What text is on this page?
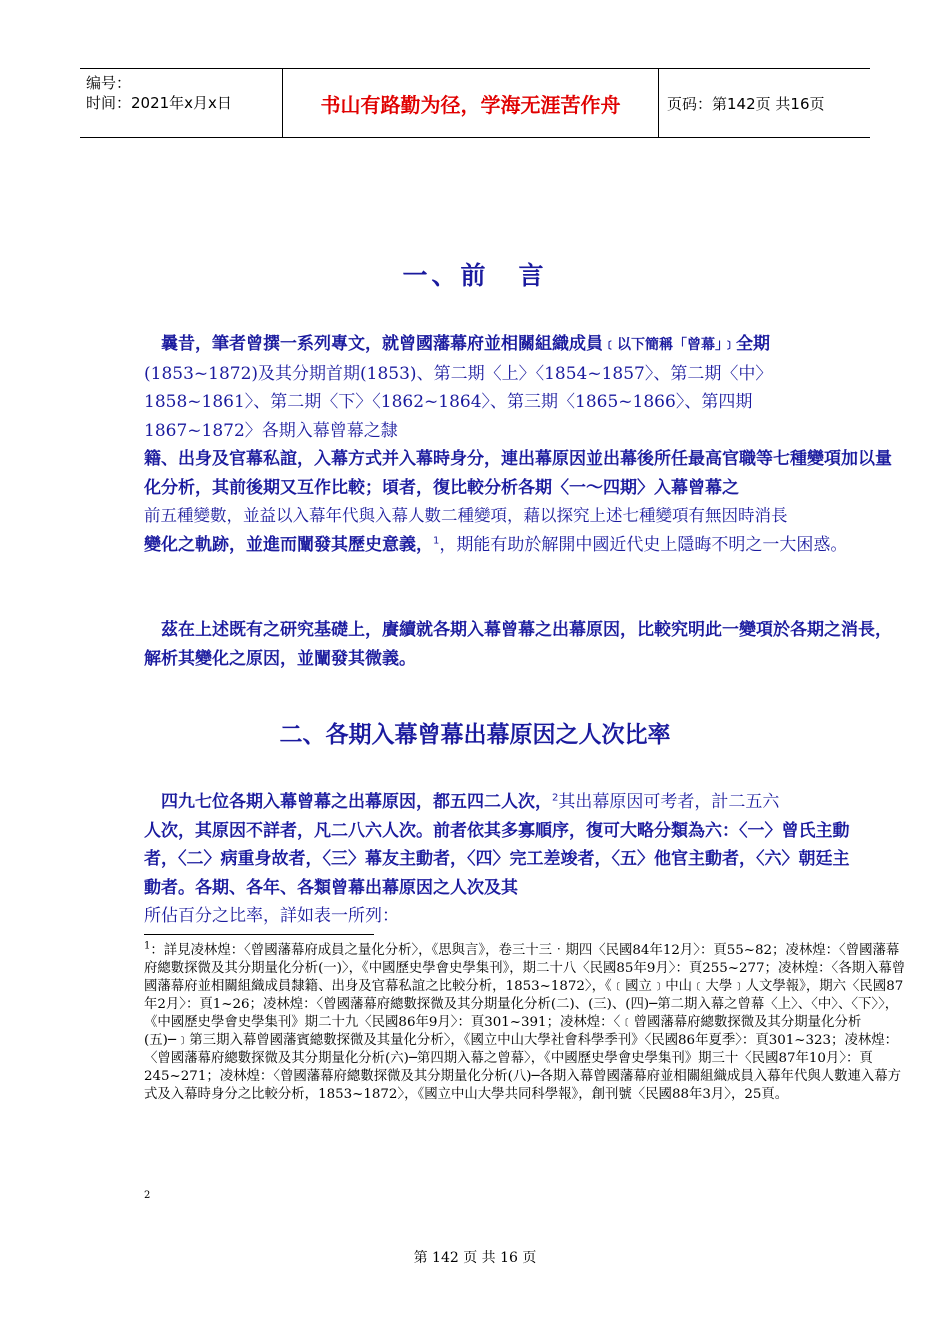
编号：
时间：2021年x月x日	书山有路勤为径，学海无涯苦作舟	页码：第142页 共16页
一、前　言
曩昔，筆者曾撰一系列專文，就曾國藩幕府並相關組織成員﹝以下簡稱「曾幕」﹞全期
(1853~1872)及其分期首期(1853)、第二期〈上〉〈1854~1857〉、第二期〈中〉
1858~1861〉、第二期〈下〉〈1862~1864〉、第三期〈1865~1866〉、第四期
1867~1872〉各期入幕曾幕之隸
籍、出身及官幕私誼，入幕方式并入幕時身分，連出幕原因並出幕後所任最高官職等七種變項加以量化分析，其前後期又互作比較；頃者，復比較分析各期〈一～四期〉入幕曾幕之
前五種變數，並益以入幕年代與入幕人數二種變項，藉以探究上述七種變項有無因時消長
變化之軌跡，並進而闡發其歷史意義，$^1$，期能有助於解開中國近代史上隱晦不明之一大困惑。
茲在上述既有之研究基礎上，賡續就各期入幕曾幕之出幕原因，比較究明此一變項於各期之消長，解析其變化之原因，並闡發其微義。
二、各期入幕曾幕出幕原因之人次比率
四九七位各期入幕曾幕之出幕原因，都五四二人次，$^2$其出幕原因可考者，計二五六
人次，其原因不詳者，凡二八六人次。前者依其多寡順序，復可大略分類為六：〈一〉曾氏主動者，〈二〉病重身故者，〈三〉幕友主動者，〈四〉完工差竣者，〈五〉他官主動者，〈六〉朝廷主動者。各期、各年、各類曾幕出幕原因之人次及其
所佔百分之比率，詳如表一所列：
$^1$：詳見凌林煌：〈曾國藩幕府成員之量化分析〉，《思與言》，卷三十三‧期四〈民國84年12月〉：頁55~82；凌林煌：〈曾國藩幕府總數探微及其分期量化分析(一)〉，《中國歷史學會史學集刊》，期二十八〈民國85年9月〉：頁255~277；凌林煌：〈各期入幕曾國藩幕府並相關組織成員隸籍、出身及官幕私誼之比較分析，1853~1872〉，《﹝國立﹞中山﹝大學﹞人文學報》，期六〈民國87年2月〉：頁1~26；凌林煌：〈曾國藩幕府總數探微及其分期量化分析(二)、(三)、(四)─第二期入幕之曾幕〈上〉、〈中〉、〈下〉〉，《中國歷史學會史學集刊》期二十九〈民國86年9月〉：頁301~391；凌林煌：〈﹝曾國藩幕府總數探微及其分期量化分析(五)─﹞第三期入幕曾國藩賓總數探微及其量化分析〉，《國立中山大學社會科學季刊》〈民國86年夏季〉：頁301~323；凌林煌：〈曾國藩幕府總數探微及其分期量化分析(六)─第四期入幕之曾幕〉，《中國歷史學會史學集刊》期三十〈民國87年10月〉：頁245~271；凌林煌：〈曾國藩幕府總數探微及其分期量化分析(八)─各期入幕曾國藩幕府並相關組織成員入幕年代與人數連入幕方式及入幕時身分之比較分析，1853~1872〉，《國立中山大學共同科學報》，創刊號〈民國88年3月〉，25頁。
2
第 142 页 共 16 页
